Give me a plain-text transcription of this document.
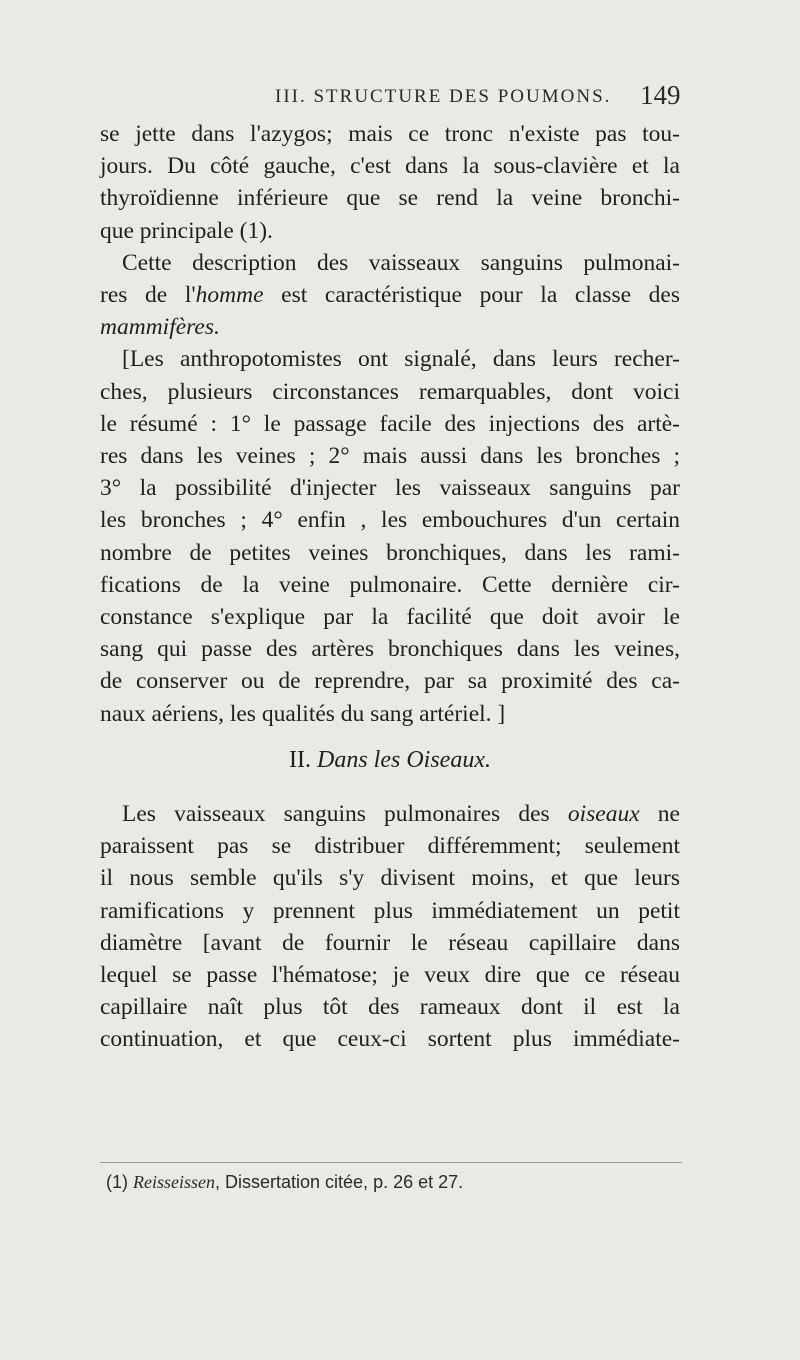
III. STRUCTURE DES POUMONS. 149

se jette dans l'azygos; mais ce tronc n'existe pas tou-
jours. Du côté gauche, c'est dans la sous-clavière et la
thyroïdienne inférieure que se rend la veine bronchi-
que principale (1).

Cette description des vaisseaux sanguins pulmonai-
res de l'homme est caractéristique pour la classe des
mammifères.

[Les anthropotomistes ont signalé, dans leurs recher-
ches, plusieurs circonstances remarquables, dont voici
le résumé : 1° le passage facile des injections des artè-
res dans les veines ; 2° mais aussi dans les bronches ;
3° la possibilité d'injecter les vaisseaux sanguins par
les bronches ; 4° enfin , les embouchures d'un certain
nombre de petites veines bronchiques, dans les rami-
fications de la veine pulmonaire. Cette dernière cir-
constance s'explique par la facilité que doit avoir le
sang qui passe des artères bronchiques dans les veines,
de conserver ou de reprendre, par sa proximité des ca-
naux aériens, les qualités du sang artériel. ]

II. Dans les Oiseaux.

Les vaisseaux sanguins pulmonaires des oiseaux ne
paraissent pas se distribuer différemment; seulement
il nous semble qu'ils s'y divisent moins, et que leurs
ramifications y prennent plus immédiatement un petit
diamètre [avant de fournir le réseau capillaire dans
lequel se passe l'hématose; je veux dire que ce réseau
capillaire naît plus tôt des rameaux dont il est la
continuation, et que ceux-ci sortent plus immédiate-

(1) Reisseissen, Dissertation citée, p. 26 et 27.
